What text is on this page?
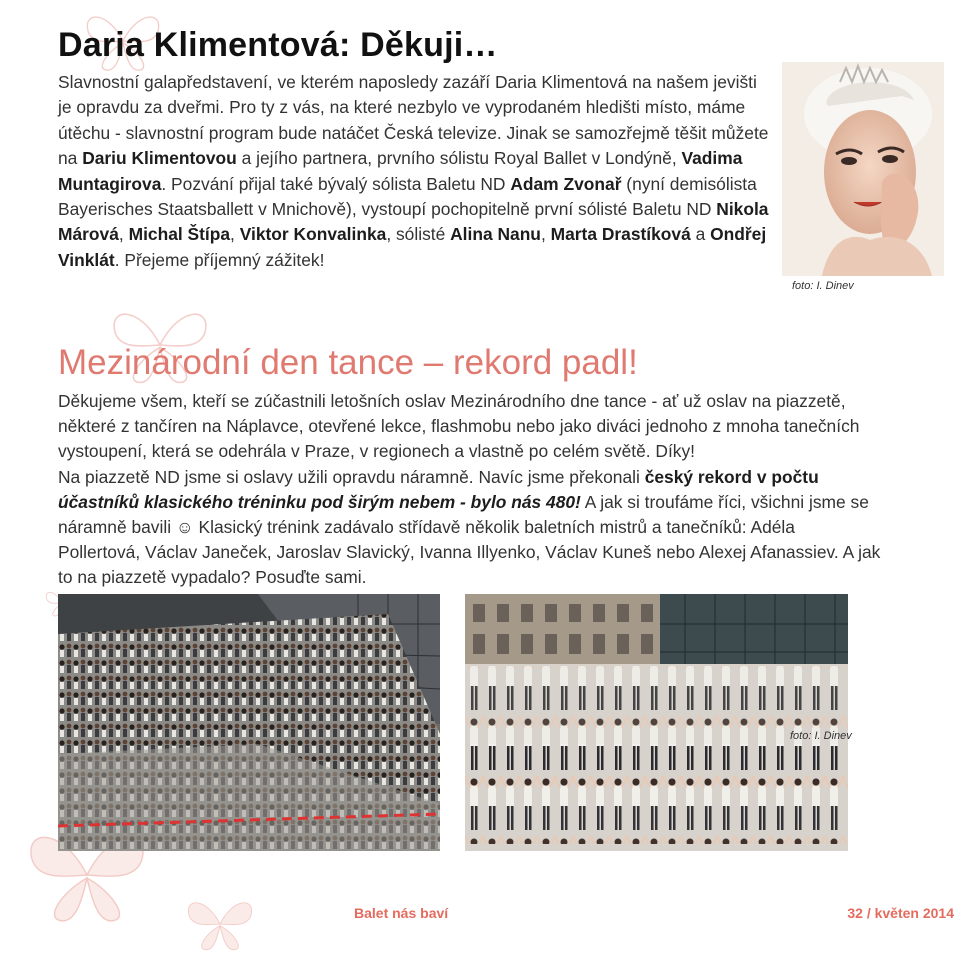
Daria Klimentová: Děkuji…

Slavnostní galapředstavení, ve kterém naposledy zazáří Daria Klimentová na našem jevišti je opravdu za dveřmi. Pro ty z vás, na které nezbylo ve vyprodaném hledišti místo, máme útěchu - slavnostní program bude natáčet Česká televize. Jinak se samozřejmě těšit můžete na Dariu Klimentovou a jejího partnera, prvního sólistu Royal Ballet v Londýně, Vadima Muntagirova. Pozvání přijal také bývalý sólista Baletu ND Adam Zvonař (nyní demisólista Bayerisches Staatsballett v Mnichově), vystoupí pochopitelně první sólisté Baletu ND Nikola Márová, Michal Štípa, Viktor Konvalinka, sólisté Alina Nanu, Marta Drastíková a Ondřej Vinklát. Přejeme příjemný zážitek!

foto: I. Dinev
Mezinárodní den tance – rekord padl!

Děkujeme všem, kteří se zúčastnili letošních oslav Mezinárodního dne tance - ať už oslav na piazzetě,
některé z tančíren na Náplavce, otevřené lekce, flashmobu nebo jako diváci jednoho z mnoha tanečních
vystoupení, která se odehrála v Praze, v regionech a vlastně po celém světě. Díky!
Na piazzetě ND jsme si oslavy užili opravdu náramně. Navíc jsme překonali český rekord v počtu
účastníků klasického tréninku pod širým nebem - bylo nás 480! A jak si troufáme říci, všichni jsme se
náramně bavili ☺ Klasický trénink zadávalo střídavě několik baletních mistrů a tanečníků: Adéla
Pollertová, Václav Janeček, Jaroslav Slavický, Ivanna Illyenko, Václav Kuneš nebo Alexej Afanassiev. A jak
to na piazzetě vypadalo? Posuďte sami.

foto: I. Dinev
Balet nás baví	32 / květen 2014
